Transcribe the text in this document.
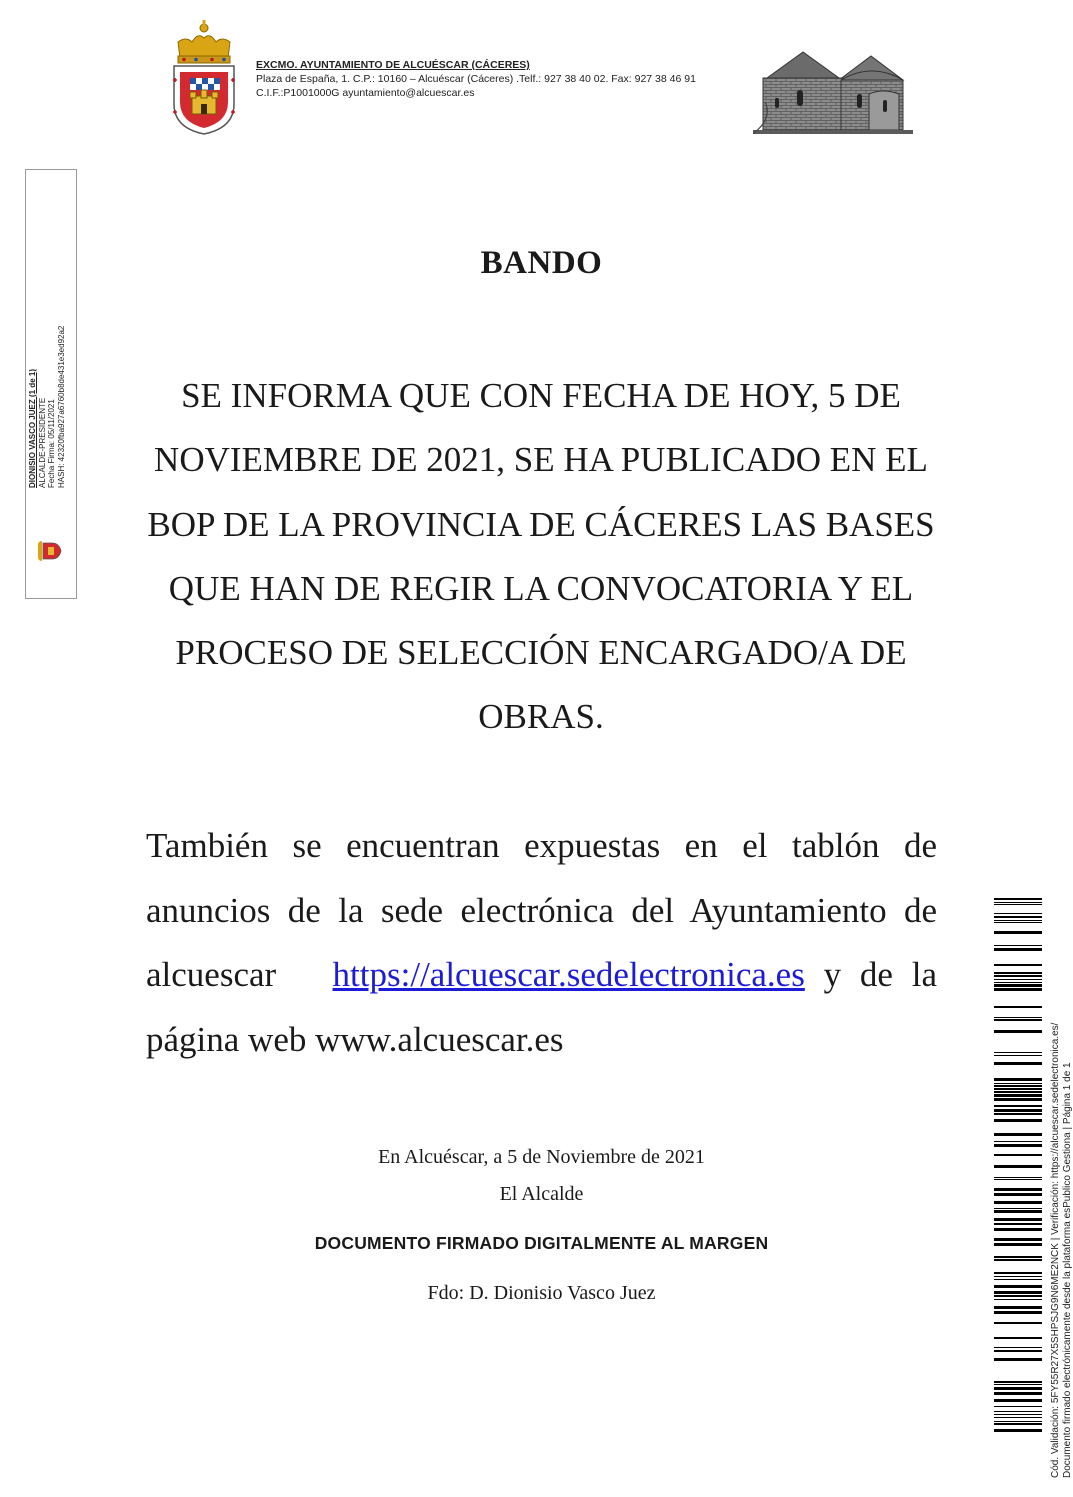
EXCMO. AYUNTAMIENTO DE ALCUÉSCAR (CÁCERES)
Plaza de España, 1. C.P.: 10160 – Alcuéscar (Cáceres) .Telf.: 927 38 40 02. Fax: 927 38 46 91
C.I.F.:P1001000G ayuntamiento@alcuescar.es
DIONISIO VASCO JUEZ (1 de 1) ALCALDE-PRESIDENTE Fecha Firma: 05/11/2021 HASH: 42320fba927a6760b8de431e3ed92a2
BANDO
SE INFORMA QUE CON FECHA DE HOY, 5 DE NOVIEMBRE DE 2021, SE HA PUBLICADO EN EL BOP DE LA PROVINCIA DE CÁCERES LAS BASES QUE HAN DE REGIR LA CONVOCATORIA Y EL PROCESO DE SELECCIÓN ENCARGADO/A DE OBRAS.
También se encuentran expuestas en el tablón de anuncios de la sede electrónica del Ayuntamiento de alcuescar https://alcuescar.sedelectronica.es y de la página web www.alcuescar.es
En Alcuéscar, a 5 de Noviembre de 2021
El Alcalde
DOCUMENTO FIRMADO DIGITALMENTE AL MARGEN
Fdo: D. Dionisio Vasco Juez	Cód. Validación: 5FY55R27X5SHPSJG9N6ME2NCK | Verificación: https://alcuescar.sedelectronica.es/ Documento firmado electrónicamente desde la plataforma esPublico Gestiona | Página 1 de 1
